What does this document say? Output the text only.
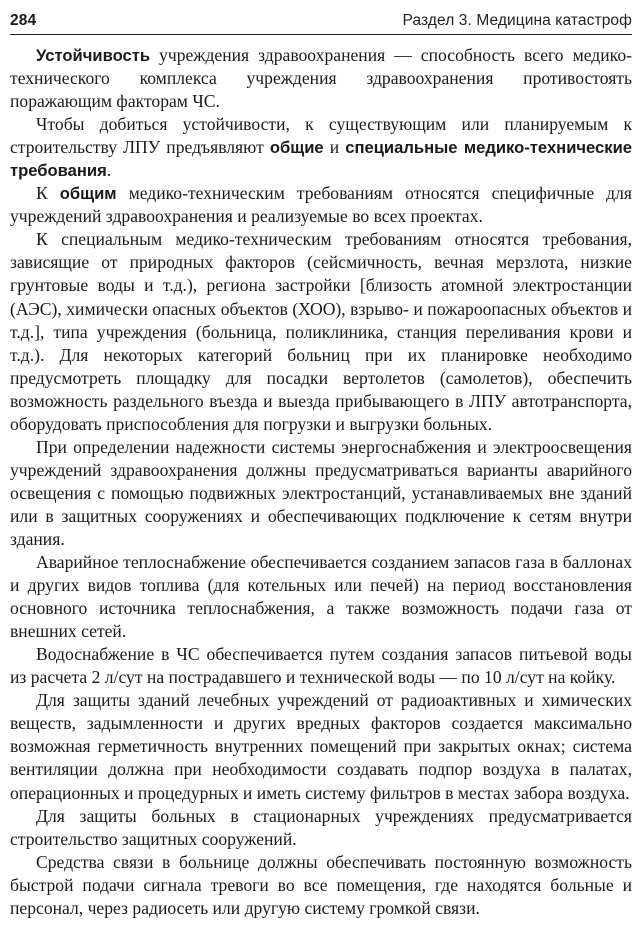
284	Раздел 3. Медицина катастроф

Устойчивость учреждения здравоохранения — способность всего медико-технического комплекса учреждения здравоохранения противостоять поражающим факторам ЧС.

Чтобы добиться устойчивости, к существующим или планируемым к строительству ЛПУ предъявляют общие и специальные медико-технические требования.

К общим медико-техническим требованиям относятся специфичные для учреждений здравоохранения и реализуемые во всех проектах.

К специальным медико-техническим требованиям относятся требования, зависящие от природных факторов (сейсмичность, вечная мерзлота, низкие грунтовые воды и т.д.), региона застройки [близость атомной электростанции (АЭС), химически опасных объектов (ХОО), взрыво- и пожароопасных объектов и т.д.], типа учреждения (больница, поликлиника, станция переливания крови и т.д.). Для некоторых категорий больниц при их планировке необходимо предусмотреть площадку для посадки вертолетов (самолетов), обеспечить возможность раздельного въезда и выезда прибывающего в ЛПУ автотранспорта, оборудовать приспособления для погрузки и выгрузки больных.

При определении надежности системы энергоснабжения и электроосвещения учреждений здравоохранения должны предусматриваться варианты аварийного освещения с помощью подвижных электростанций, устанавливаемых вне зданий или в защитных сооружениях и обеспечивающих подключение к сетям внутри здания.

Аварийное теплоснабжение обеспечивается созданием запасов газа в баллонах и других видов топлива (для котельных или печей) на период восстановления основного источника теплоснабжения, а также возможность подачи газа от внешних сетей.

Водоснабжение в ЧС обеспечивается путем создания запасов питьевой воды из расчета 2 л/сут на пострадавшего и технической воды — по 10 л/сут на койку.

Для защиты зданий лечебных учреждений от радиоактивных и химических веществ, задымленности и других вредных факторов создается максимально возможная герметичность внутренних помещений при закрытых окнах; система вентиляции должна при необходимости создавать подпор воздуха в палатах, операционных и процедурных и иметь систему фильтров в местах забора воздуха.

Для защиты больных в стационарных учреждениях предусматривается строительство защитных сооружений.

Средства связи в больнице должны обеспечивать постоянную возможность быстрой подачи сигнала тревоги во все помещения, где находятся больные и персонал, через радиосеть или другую систему громкой связи.
